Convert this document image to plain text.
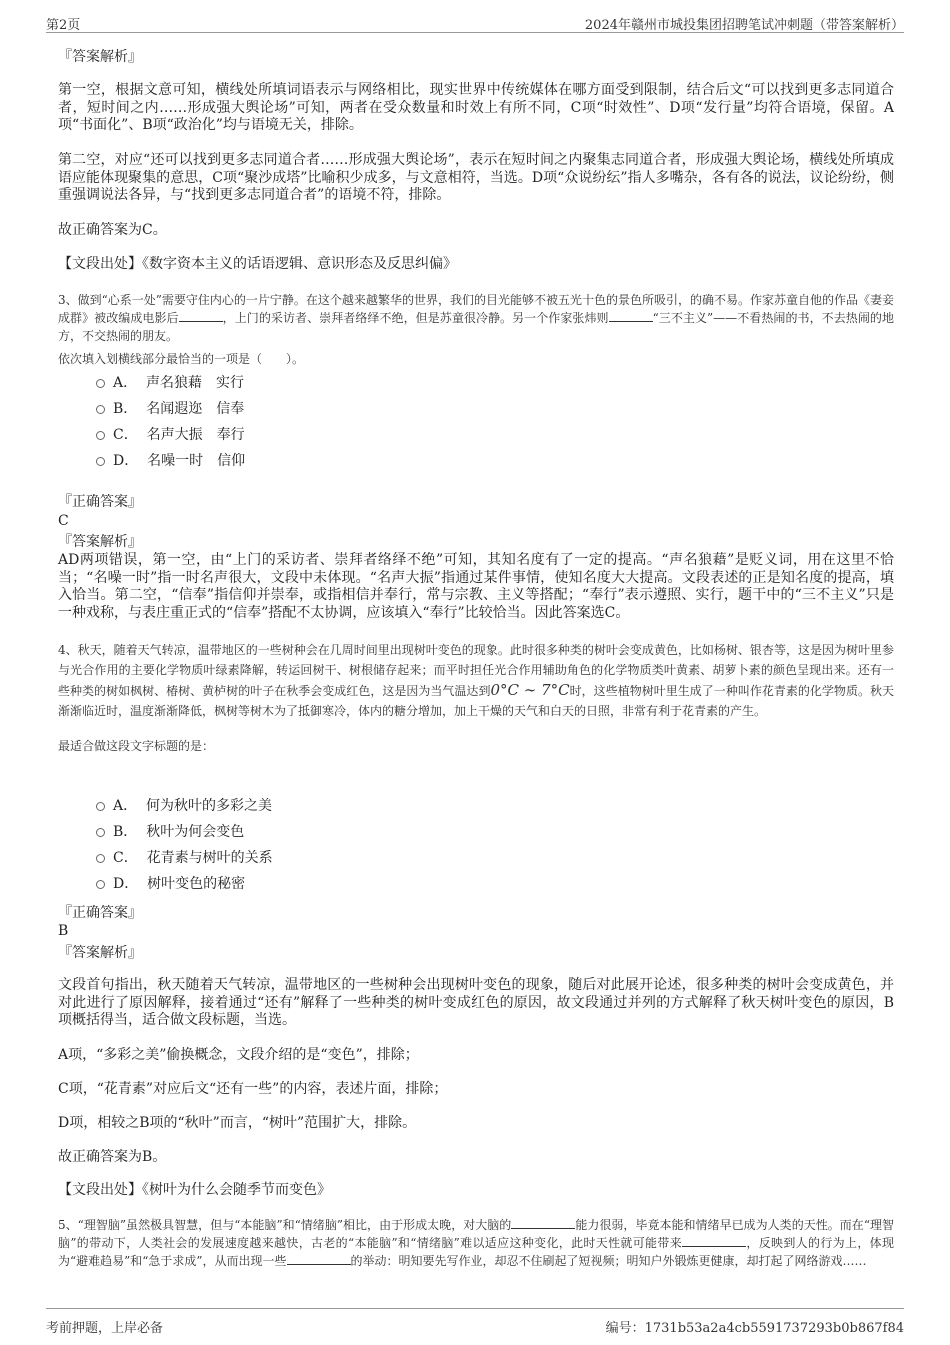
第2页	2024年赣州市城投集团招聘笔试冲刺题（带答案解析）
『答案解析』
第一空，根据文意可知，横线处所填词语表示与网络相比，现实世界中传统媒体在哪方面受到限制，结合后文“可以找到更多志同道合者，短时间之内……形成强大舆论场”可知，两者在受众数量和时效上有所不同，C项“时效性”、D项“发行量”均符合语境，保留。A项“书面化”、B项“政治化”均与语境无关，排除。
第二空，对应“还可以找到更多志同道合者……形成强大舆论场”，表示在短时间之内聚集志同道合者，形成强大舆论场，横线处所填成语应能体现聚集的意思，C项“聚沙成塔”比喻积少成多，与文意相符，当选。D项“众说纷纭”指人多嘴杂，各有各的说法，议论纷纷，侧重强调说法各异，与“找到更多志同道合者”的语境不符，排除。
故正确答案为C。
【文段出处】《数字资本主义的话语逻辑、意识形态及反思纠偏》
3、做到“心系一处”需要守住内心的一片宁静。在这个越来越繁华的世界，我们的目光能够不被五光十色的景色所吸引，的确不易。作家苏童自他的作品《妻妾成群》被改编成电影后	，上门的采访者、崇拜者络绎不绝，但是苏童很冷静。另一个作家张炜则	“三不主义”——不看热闹的书，不去热闹的地方，不交热闹的朋友。
依次填入划横线部分最恰当的一项是（　　）。
A． 声名狼藉　实行
B． 名闻遐迩　信奉
C． 名声大振　奉行
D． 名噪一时　信仰
『正确答案』
C
『答案解析』
AD两项错误，第一空，由“上门的采访者、崇拜者络绎不绝”可知，其知名度有了一定的提高。“声名狼藉”是贬义词，用在这里不恰当；“名噪一时”指一时名声很大，文段中未体现。“名声大振”指通过某件事情，使知名度大大提高。文段表述的正是知名度的提高，填入恰当。第二空，“信奉”指信仰并崇奉，或指相信并奉行，常与宗教、主义等搭配；“奉行”表示遵照、实行，题干中的“三不主义”只是一种戏称，与表庄重正式的“信奉”搭配不太协调，应该填入“奉行”比较恰当。因此答案选C。
4、秋天，随着天气转凉，温带地区的一些树种会在几周时间里出现树叶变色的现象。此时很多种类的树叶会变成黄色，比如杨树、银杏等，这是因为树叶里参与光合作用的主要化学物质叶绿素降解，转运回树干、树根储存起来；而平时担任光合作用辅助角色的化学物质类叶黄素、胡萝卜素的颜色呈现出来。还有一些种类的树如枫树、椿树、黄栌树的叶子在秋季会变成红色，这是因为当气温达到0°C ∼ 7°C时，这些植物树叶里生成了一种叫作花青素的化学物质。秋天渐渐临近时，温度渐渐降低，枫树等树木为了抵御寒冷，体内的糖分增加，加上干燥的天气和白天的日照，非常有利于花青素的产生。
最适合做这段文字标题的是：
A． 何为秋叶的多彩之美
B． 秋叶为何会变色
C． 花青素与树叶的关系
D． 树叶变色的秘密
『正确答案』
B
『答案解析』
文段首句指出，秋天随着天气转凉，温带地区的一些树种会出现树叶变色的现象，随后对此展开论述，很多种类的树叶会变成黄色，并对此进行了原因解释，接着通过“还有”解释了一些种类的树叶变成红色的原因，故文段通过并列的方式解释了秋天树叶变色的原因，B项概括得当，适合做文段标题，当选。
A项，“多彩之美”偷换概念，文段介绍的是“变色”，排除；
C项，“花青素”对应后文“还有一些”的内容，表述片面，排除；
D项，相较之B项的“秋叶”而言，“树叶”范围扩大，排除。
故正确答案为B。
【文段出处】《树叶为什么会随季节而变色》
5、“理智脑”虽然极具智慧，但与“本能脑”和“情绪脑”相比，由于形成太晚，对大脑的	能力很弱，毕竟本能和情绪早已成为人类的天性。而在“理智脑”的带动下，人类社会的发展速度越来越快，古老的“本能脑”和“情绪脑”难以适应这种变化，此时天性就可能带来	，反映到人的行为上，体现为“避难趋易”和“急于求成”，从而出现一些	的举动：明知要先写作业，却忍不住刷起了短视频；明知户外锻炼更健康，却打起了网络游戏……
考前押题，上岸必备	编号：1731b53a2a4cb5591737293b0b867f84
